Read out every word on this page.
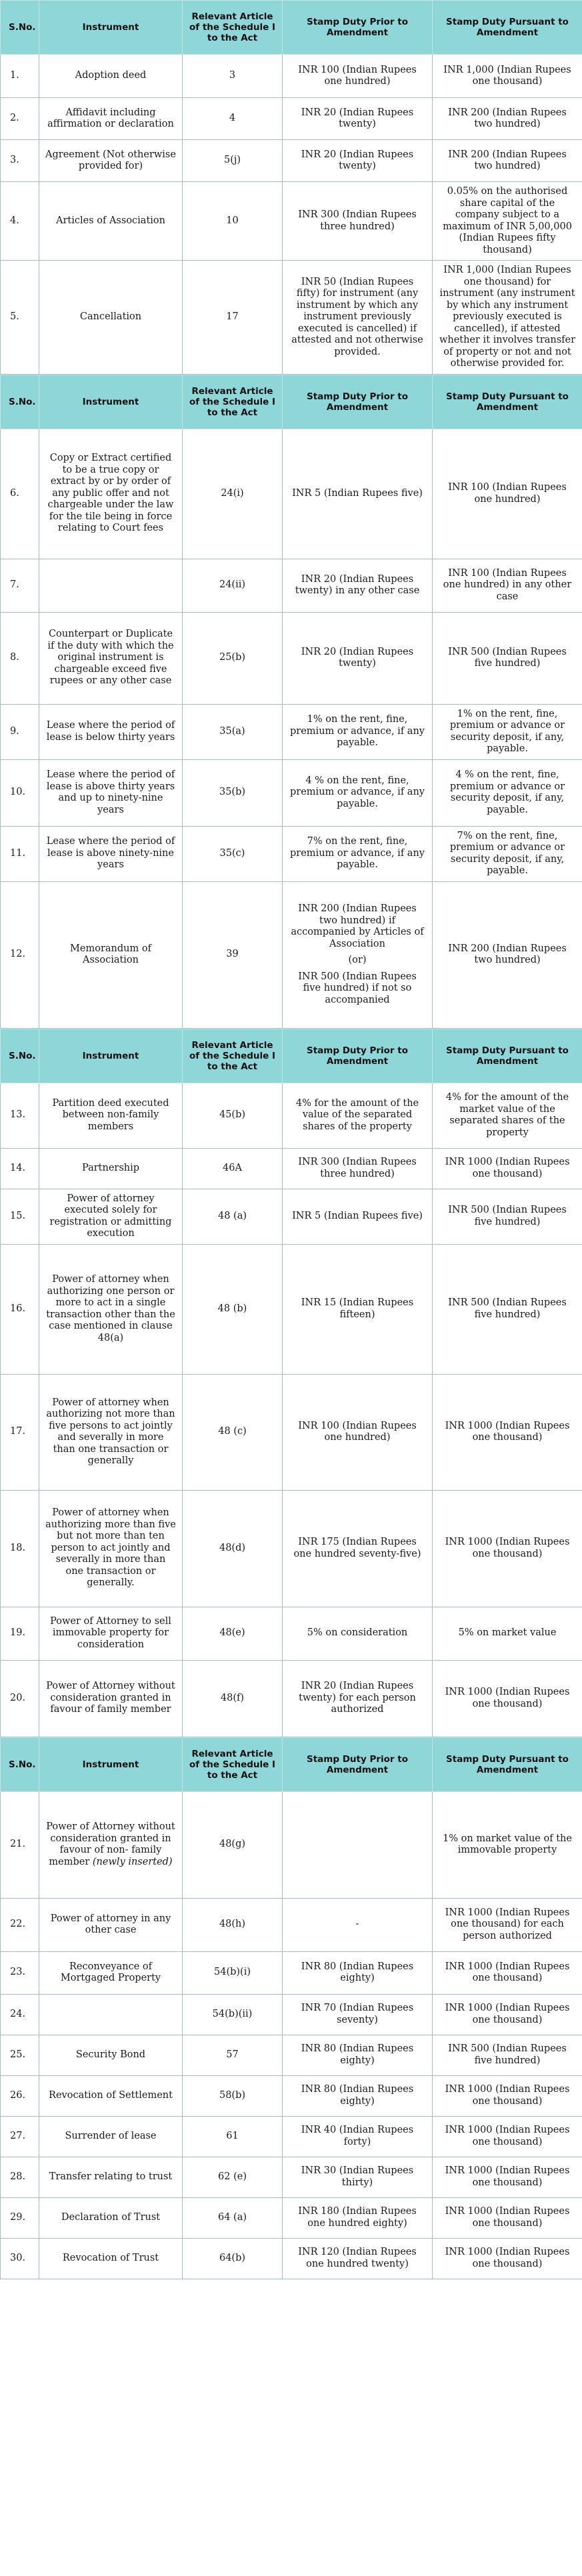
S.No.	Instrument	Relevant Article of the Schedule I to the Act	Stamp Duty Prior to Amendment	Stamp Duty Pursuant to Amendment
1.	Adoption deed	3	INR 100 (Indian Rupees one hundred)	INR 1,000 (Indian Rupees one thousand)
2.	Affidavit including affirmation or declaration	4	INR 20 (Indian Rupees twenty)	INR 200 (Indian Rupees two hundred)
3.	Agreement (Not otherwise provided for)	5(j)	INR 20 (Indian Rupees twenty)	INR 200 (Indian Rupees two hundred)
4.	Articles of Association	10	INR 300 (Indian Rupees three hundred)	0.05% on the authorised share capital of the company subject to a maximum of INR 5,00,000 (Indian Rupees fifty thousand)
5.	Cancellation	17	INR 50 (Indian Rupees fifty) for instrument (any instrument by which any instrument previously executed is cancelled) if attested and not otherwise provided.	INR 1,000 (Indian Rupees one thousand) for instrument (any instrument by which any instrument previously executed is cancelled), if attested whether it involves transfer of property or not and not otherwise provided for.
S.No.	Instrument	Relevant Article of the Schedule I to the Act	Stamp Duty Prior to Amendment	Stamp Duty Pursuant to Amendment
6.	Copy or Extract certified to be a true copy or extract by or by order of any public offer and not chargeable under the law for the tile being in force relating to Court fees	24(i)	INR 5 (Indian Rupees five)	INR 100 (Indian Rupees one hundred)
7.		24(ii)	INR 20 (Indian Rupees twenty) in any other case	INR 100 (Indian Rupees one hundred) in any other case
8.	Counterpart or Duplicate if the duty with which the original instrument is chargeable exceed five rupees or any other case	25(b)	INR 20 (Indian Rupees twenty)	INR 500 (Indian Rupees five hundred)
9.	Lease where the period of lease is below thirty years	35(a)	1% on the rent, fine, premium or advance, if any payable.	1% on the rent, fine, premium or advance or security deposit, if any, payable.
10.	Lease where the period of lease is above thirty years and up to ninety-nine years	35(b)	4 % on the rent, fine, premium or advance, if any payable.	4 % on the rent, fine, premium or advance or security deposit, if any, payable.
11.	Lease where the period of lease is above ninety-nine years	35(c)	7% on the rent, fine, premium or advance, if any payable.	7% on the rent, fine, premium or advance or security deposit, if any, payable.
12.	Memorandum of Association	39	INR 200 (Indian Rupees two hundred) if accompanied by Articles of Association
(or)
INR 500 (Indian Rupees five hundred) if not so accompanied	INR 200 (Indian Rupees two hundred)
S.No.	Instrument	Relevant Article of the Schedule I to the Act	Stamp Duty Prior to Amendment	Stamp Duty Pursuant to Amendment
13.	Partition deed executed between non-family members	45(b)	4% for the amount of the value of the separated shares of the property	4% for the amount of the market value of the separated shares of the property
14.	Partnership	46A	INR 300 (Indian Rupees three hundred)	INR 1000 (Indian Rupees one thousand)
15.	Power of attorney executed solely for registration or admitting execution	48 (a)	INR 5 (Indian Rupees five)	INR 500 (Indian Rupees five hundred)
16.	Power of attorney when authorizing one person or more to act in a single transaction other than the case mentioned in clause 48(a)	48 (b)	INR 15 (Indian Rupees fifteen)	INR 500 (Indian Rupees five hundred)
17.	Power of attorney when authorizing not more than five persons to act jointly and severally in more than one transaction or generally	48 (c)	INR 100 (Indian Rupees one hundred)	INR 1000 (Indian Rupees one thousand)
18.	Power of attorney when authorizing more than five but not more than ten person to act jointly and severally in more than one transaction or generally.	48(d)	INR 175 (Indian Rupees one hundred seventy-five)	INR 1000 (Indian Rupees one thousand)
19.	Power of Attorney to sell immovable property for consideration	48(e)	5% on consideration	5% on market value
20.	Power of Attorney without consideration granted in favour of family member	48(f)	INR 20 (Indian Rupees twenty) for each person authorized	INR 1000 (Indian Rupees one thousand)
S.No.	Instrument	Relevant Article of the Schedule I to the Act	Stamp Duty Prior to Amendment	Stamp Duty Pursuant to Amendment
21.	Power of Attorney without consideration granted in favour of non- family member (newly inserted)	48(g)		1% on market value of the immovable property
22.	Power of attorney in any other case	48(h)	-	INR 1000 (Indian Rupees one thousand) for each person authorized
23.	Reconveyance of Mortgaged Property	54(b)(i)	INR 80 (Indian Rupees eighty)	INR 1000 (Indian Rupees one thousand)
24.		54(b)(ii)	INR 70 (Indian Rupees seventy)	INR 1000 (Indian Rupees one thousand)
25.	Security Bond	57	INR 80 (Indian Rupees eighty)	INR 500 (Indian Rupees five hundred)
26.	Revocation of Settlement	58(b)	INR 80 (Indian Rupees eighty)	INR 1000 (Indian Rupees one thousand)
27.	Surrender of lease	61	INR 40 (Indian Rupees forty)	INR 1000 (Indian Rupees one thousand)
28.	Transfer relating to trust	62 (e)	INR 30 (Indian Rupees thirty)	INR 1000 (Indian Rupees one thousand)
29.	Declaration of Trust	64 (a)	INR 180 (Indian Rupees one hundred eighty)	INR 1000 (Indian Rupees one thousand)
30.	Revocation of Trust	64(b)	INR 120 (Indian Rupees one hundred twenty)	INR 1000 (Indian Rupees one thousand)
